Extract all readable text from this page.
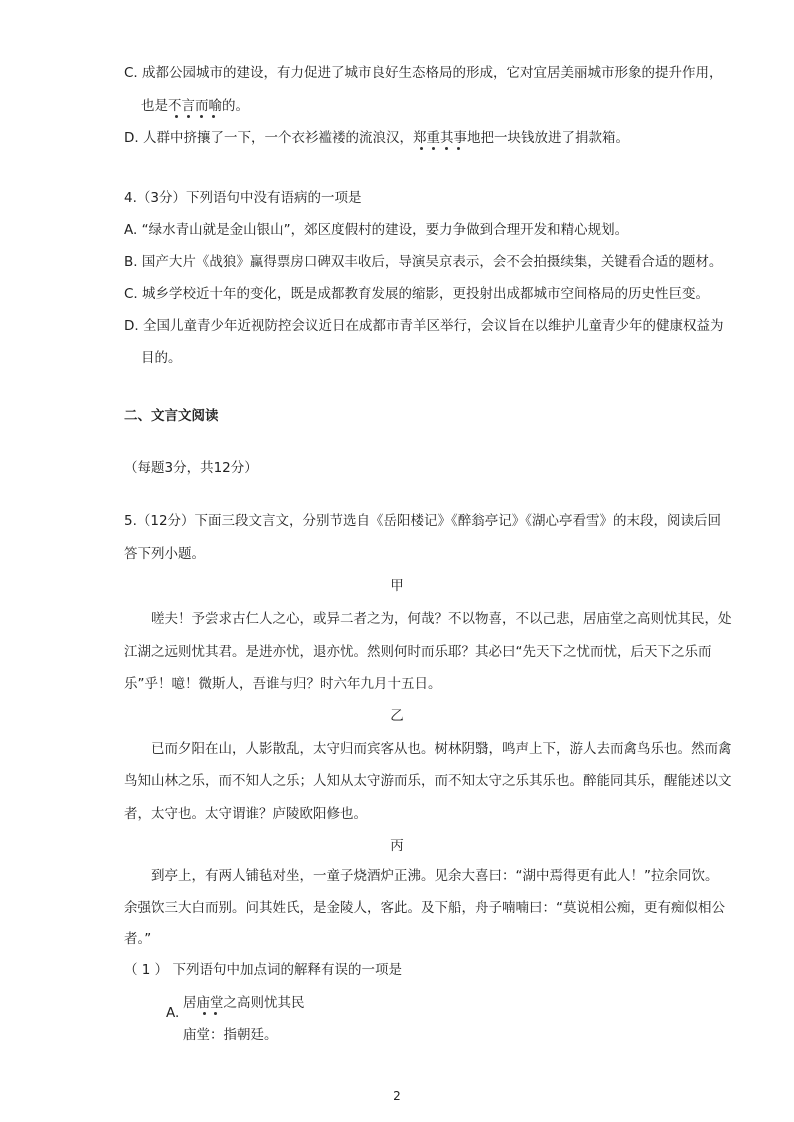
C. 成都公园城市的建设，有力促进了城市良好生态格局的形成，它对宜居美丽城市形象的提升作用，
也是不言而喻
的。
D. 人群中挤攘了一下，一个衣衫褴褛的流浪汉，郑重其事
地把一块钱放进了捐款箱。
4.（3分）下列语句中没有语病的一项是
A. “绿水青山就是金山银山”，郊区度假村的建设，要力争做到合理开发和精心规划。
B. 国产大片《战狼》赢得票房口碑双丰收后，导演吴京表示，会不会拍摄续集，关键看合适的题材。
C. 城乡学校近十年的变化，既是成都教育发展的缩影，更投射出成都城市空间格局的历史性巨变。
D. 全国儿童青少年近视防控会议近日在成都市青羊区举行，会议旨在以维护儿童青少年的健康权益为
目的。
二、文言文阅读
（每题3分，共12分）
5.（12分）下面三段文言文，分别节选自《岳阳楼记》《醉翁亭记》《湖心亭看雪》的末段，阅读后回
答下列小题。
甲
嗟夫！予尝求古仁人之心，或异二者之为，何哉？不以物喜，不以己悲，居庙堂之高则忧其民，处
江湖之远则忧其君。是进亦忧，退亦忧。然则何时而乐耶？其必曰“先天下之忧而忧，后天下之乐而
乐”乎！噫！微斯人，吾谁与归？时六年九月十五日。
乙
已而夕阳在山，人影散乱，太守归而宾客从也。树林阴翳，鸣声上下，游人去而禽鸟乐也。然而禽
鸟知山林之乐，而不知人之乐；人知从太守游而乐，而不知太守之乐其乐也。醉能同其乐，醒能述以文
者，太守也。太守谓谁？庐陵欧阳修也。
丙
到亭上，有两人铺毡对坐，一童子烧酒炉正沸。见余大喜曰：“湖中焉得更有此人！”拉余同饮。
余强饮三大白而别。问其姓氏，是金陵人，客此。及下船，舟子喃喃曰：“莫说相公痴，更有痴似相公
者。”
（ 1 ） 下列语句中加点词的解释有误的一项是
A.
居庙堂
之高则忧其民
庙堂：指朝廷。
2
